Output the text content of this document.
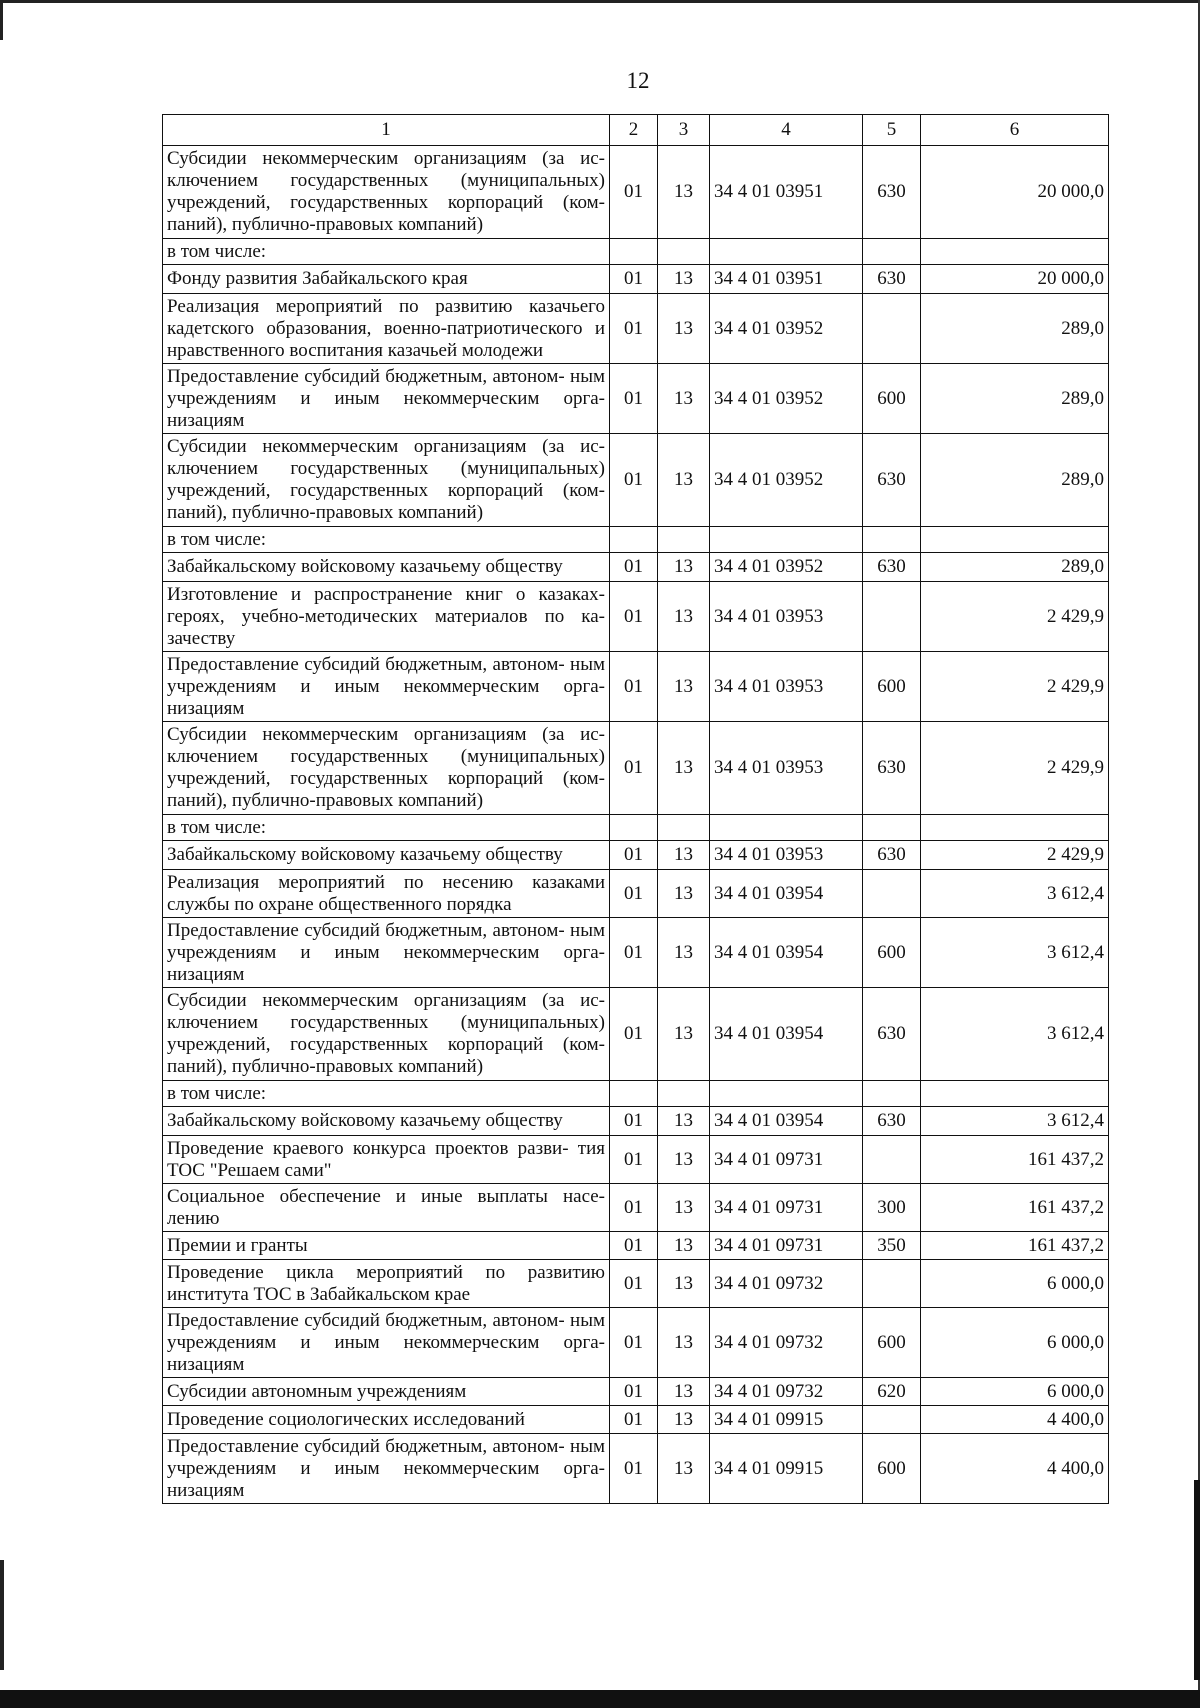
12
1	2	3	4	5	6
Субсидии некоммерческим организациям (за ис- ключением государственных (муниципальных) учреждений, государственных корпораций (ком- паний), публично-правовых компаний)	01	13	34 4 01 03951	630	20 000,0
в том числе:					
Фонду развития Забайкальского края	01	13	34 4 01 03951	630	20 000,0
Реализация мероприятий по развитию казачьего кадетского образования, военно-патриотического и нравственного воспитания казачьей молодежи	01	13	34 4 01 03952		289,0
Предоставление субсидий бюджетным, автоном- ным учреждениям и иным некоммерческим орга- низациям	01	13	34 4 01 03952	600	289,0
Субсидии некоммерческим организациям (за ис- ключением государственных (муниципальных) учреждений, государственных корпораций (ком- паний), публично-правовых компаний)	01	13	34 4 01 03952	630	289,0
в том числе:					
Забайкальскому войсковому казачьему обществу	01	13	34 4 01 03952	630	289,0
Изготовление и распространение книг о казаках- героях, учебно-методических материалов по ка- зачеству	01	13	34 4 01 03953		2 429,9
Предоставление субсидий бюджетным, автоном- ным учреждениям и иным некоммерческим орга- низациям	01	13	34 4 01 03953	600	2 429,9
Субсидии некоммерческим организациям (за ис- ключением государственных (муниципальных) учреждений, государственных корпораций (ком- паний), публично-правовых компаний)	01	13	34 4 01 03953	630	2 429,9
в том числе:					
Забайкальскому войсковому казачьему обществу	01	13	34 4 01 03953	630	2 429,9
Реализация мероприятий по несению казаками службы по охране общественного порядка	01	13	34 4 01 03954		3 612,4
Предоставление субсидий бюджетным, автоном- ным учреждениям и иным некоммерческим орга- низациям	01	13	34 4 01 03954	600	3 612,4
Субсидии некоммерческим организациям (за ис- ключением государственных (муниципальных) учреждений, государственных корпораций (ком- паний), публично-правовых компаний)	01	13	34 4 01 03954	630	3 612,4
в том числе:					
Забайкальскому войсковому казачьему обществу	01	13	34 4 01 03954	630	3 612,4
Проведение краевого конкурса проектов разви- тия ТОС "Решаем сами"	01	13	34 4 01 09731		161 437,2
Социальное обеспечение и иные выплаты насе- лению	01	13	34 4 01 09731	300	161 437,2
Премии и гранты	01	13	34 4 01 09731	350	161 437,2
Проведение цикла мероприятий по развитию института ТОС в Забайкальском крае	01	13	34 4 01 09732		6 000,0
Предоставление субсидий бюджетным, автоном- ным учреждениям и иным некоммерческим орга- низациям	01	13	34 4 01 09732	600	6 000,0
Субсидии автономным учреждениям	01	13	34 4 01 09732	620	6 000,0
Проведение социологических исследований	01	13	34 4 01 09915		4 400,0
Предоставление субсидий бюджетным, автоном- ным учреждениям и иным некоммерческим орга- низациям	01	13	34 4 01 09915	600	4 400,0
